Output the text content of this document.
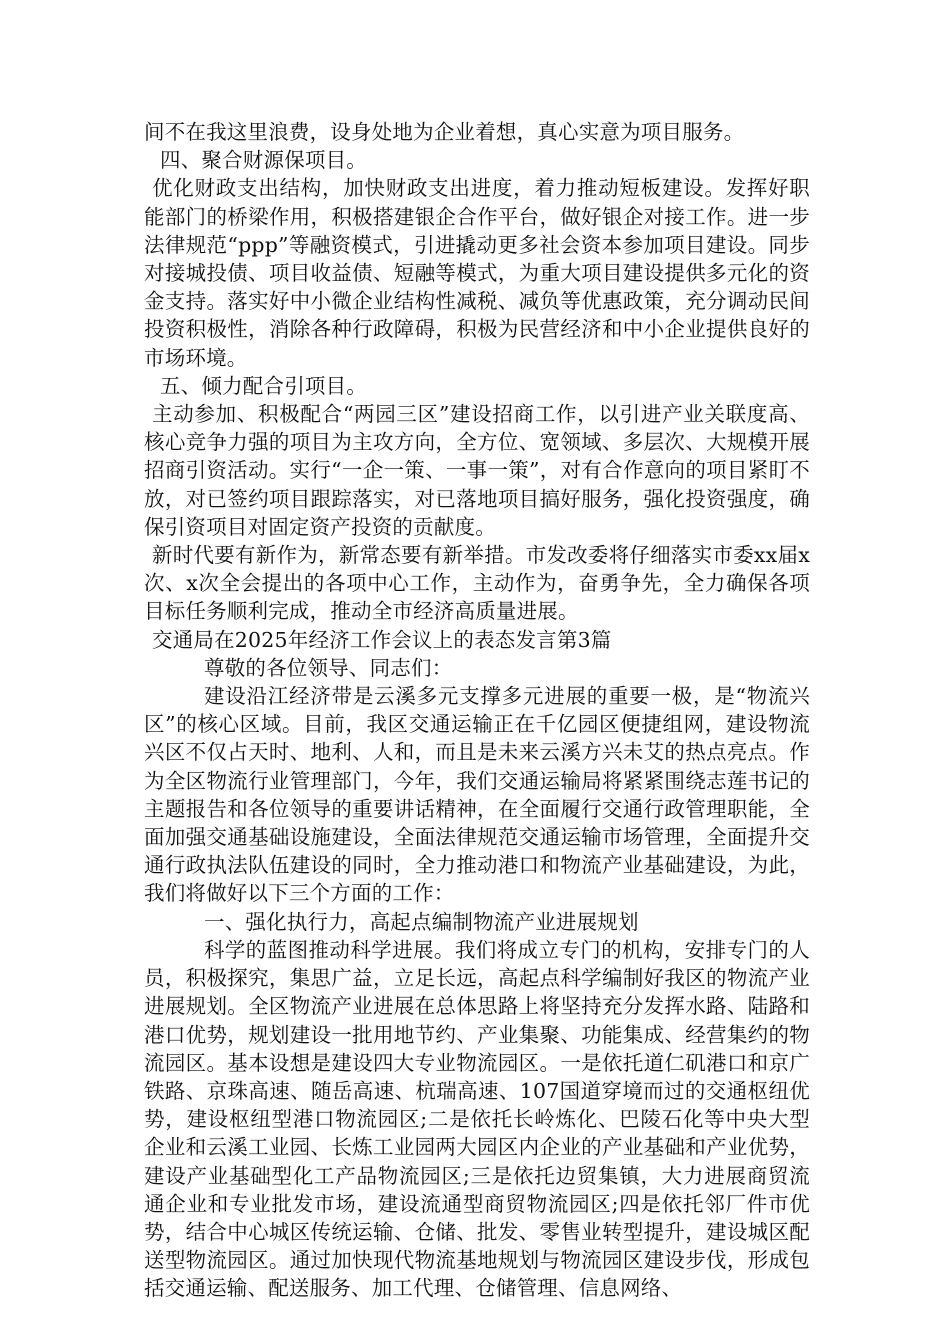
间不在我这里浪费，设身处地为企业着想，真心实意为项目服务。

四、聚合财源保项目。

优化财政支出结构，加快财政支出进度，着力推动短板建设。发挥好职能部门的桥梁作用，积极搭建银企合作平台，做好银企对接工作。进一步法律规范“ppp”等融资模式，引进撬动更多社会资本参加项目建设。同步对接城投债、项目收益债、短融等模式，为重大项目建设提供多元化的资金支持。落实好中小微企业结构性减税、减负等优惠政策，充分调动民间投资积极性，消除各种行政障碍，积极为民营经济和中小企业提供良好的市场环境。

五、倾力配合引项目。

主动参加、积极配合“两园三区”建设招商工作，以引进产业关联度高、核心竞争力强的项目为主攻方向，全方位、宽领域、多层次、大规模开展招商引资活动。实行“一企一策、一事一策”，对有合作意向的项目紧盯不放，对已签约项目跟踪落实，对已落地项目搞好服务，强化投资强度，确保引资项目对固定资产投资的贡献度。

新时代要有新作为，新常态要有新举措。市发改委将仔细落实市委xx届x次、x次全会提出的各项中心工作，主动作为，奋勇争先，全力确保各项目标任务顺利完成，推动全市经济高质量进展。

交通局在2025年经济工作会议上的表态发言第3篇

尊敬的各位领导、同志们：

建设沿江经济带是云溪多元支撑多元进展的重要一极，是“物流兴区”的核心区域。目前，我区交通运输正在千亿园区便捷组网，建设物流兴区不仅占天时、地利、人和，而且是未来云溪方兴未艾的热点亮点。作为全区物流行业管理部门，今年，我们交通运输局将紧紧围绕志莲书记的主题报告和各位领导的重要讲话精神，在全面履行交通行政管理职能，全面加强交通基础设施建设，全面法律规范交通运输市场管理，全面提升交通行政执法队伍建设的同时，全力推动港口和物流产业基础建设，为此，我们将做好以下三个方面的工作：

一、强化执行力，高起点编制物流产业进展规划

科学的蓝图推动科学进展。我们将成立专门的机构，安排专门的人员，积极探究，集思广益，立足长远，高起点科学编制好我区的物流产业进展规划。全区物流产业进展在总体思路上将坚持充分发挥水路、陆路和港口优势，规划建设一批用地节约、产业集聚、功能集成、经营集约的物流园区。基本设想是建设四大专业物流园区。一是依托道仁矶港口和京广铁路、京珠高速、随岳高速、杭瑞高速、107国道穿境而过的交通枢纽优势，建设枢纽型港口物流园区;二是依托长岭炼化、巴陵石化等中央大型企业和云溪工业园、长炼工业园两大园区内企业的产业基础和产业优势，建设产业基础型化工产品物流园区;三是依托边贸集镇，大力进展商贸流通企业和专业批发市场，建设流通型商贸物流园区;四是依托邻厂件市优势，结合中心城区传统运输、仓储、批发、零售业转型提升，建设城区配送型物流园区。通过加快现代物流基地规划与物流园区建设步伐，形成包括交通运输、配送服务、加工代理、仓储管理、信息网络、
